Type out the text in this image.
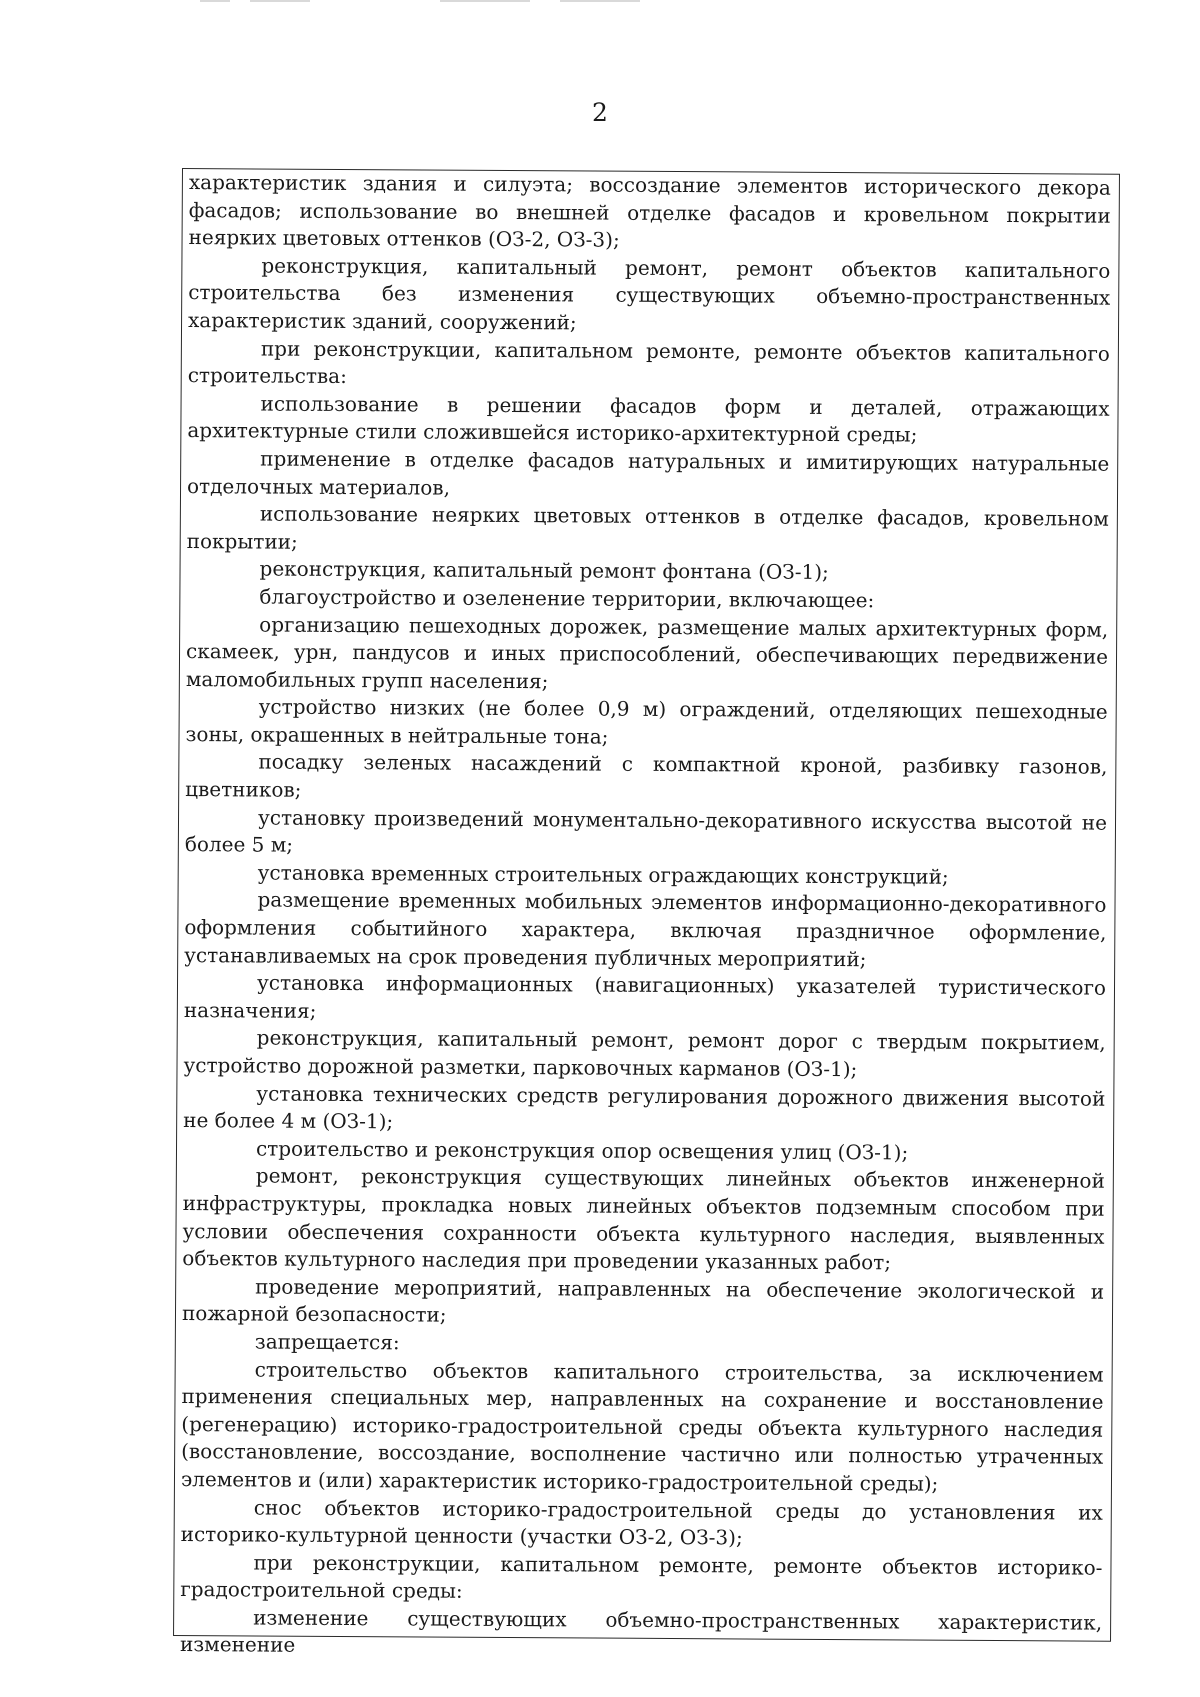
2

характеристик здания и силуэта; воссоздание элементов исторического декора фасадов; использование во внешней отделке фасадов и кровельном покрытии неярких цветовых оттенков (ОЗ-2, ОЗ-3);

реконструкция, капитальный ремонт, ремонт объектов капитального строительства без изменения существующих объемно-пространственных характеристик зданий, сооружений;

при реконструкции, капитальном ремонте, ремонте объектов капитального строительства:

использование в решении фасадов форм и деталей, отражающих архитектурные стили сложившейся историко-архитектурной среды;

применение в отделке фасадов натуральных и имитирующих натуральные отделочных материалов,

использование неярких цветовых оттенков в отделке фасадов, кровельном покрытии;

реконструкция, капитальный ремонт фонтана (ОЗ-1);

благоустройство и озеленение территории, включающее:

организацию пешеходных дорожек, размещение малых архитектурных форм, скамеек, урн, пандусов и иных приспособлений, обеспечивающих передвижение маломобильных групп населения;

устройство низких (не более 0,9 м) ограждений, отделяющих пешеходные зоны, окрашенных в нейтральные тона;

посадку зеленых насаждений с компактной кроной, разбивку газонов, цветников;

установку произведений монументально-декоративного искусства высотой не более 5 м;

установка временных строительных ограждающих конструкций;

размещение временных мобильных элементов информационно-декоративного оформления событийного характера, включая праздничное оформление, устанавливаемых на срок проведения публичных мероприятий;

установка информационных (навигационных) указателей туристического назначения;

реконструкция, капитальный ремонт, ремонт дорог с твердым покрытием, устройство дорожной разметки, парковочных карманов (ОЗ-1);

установка технических средств регулирования дорожного движения высотой не более 4 м (ОЗ-1);

строительство и реконструкция опор освещения улиц (ОЗ-1);

ремонт, реконструкция существующих линейных объектов инженерной инфраструктуры, прокладка новых линейных объектов подземным способом при условии обеспечения сохранности объекта культурного наследия, выявленных объектов культурного наследия при проведении указанных работ;

проведение мероприятий, направленных на обеспечение экологической и пожарной безопасности;

запрещается:

строительство объектов капитального строительства, за исключением применения специальных мер, направленных на сохранение и восстановление (регенерацию) историко-градостроительной среды объекта культурного наследия (восстановление, воссоздание, восполнение частично или полностью утраченных элементов и (или) характеристик историко-градостроительной среды);

снос объектов историко-градостроительной среды до установления их историко-культурной ценности (участки ОЗ-2, ОЗ-3);

при реконструкции, капитальном ремонте, ремонте объектов историко-градостроительной среды:

изменение существующих объемно-пространственных характеристик, изменение
